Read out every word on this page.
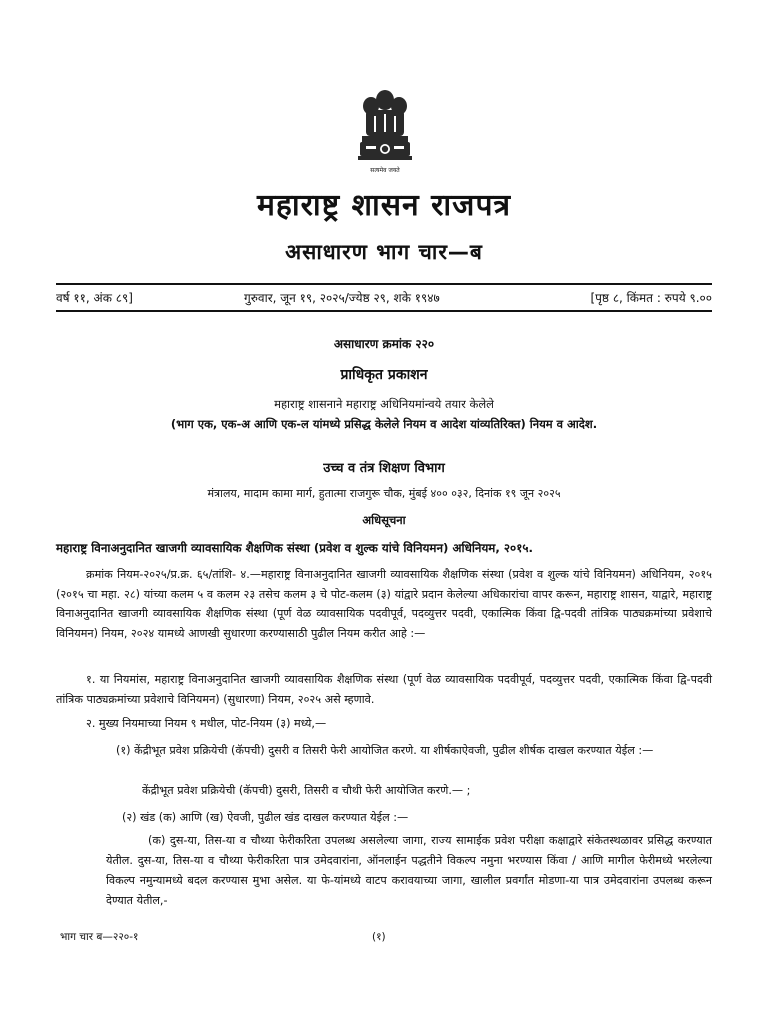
सत्यमेव जयते
महाराष्ट्र शासन राजपत्र
असाधारण भाग चार—ब
वर्ष ११, अंक ८९]	गुरुवार, जून १९, २०२५/ज्येष्ठ २९, शके १९४७	[पृष्ठ ८, किंमत : रुपये ९.००
असाधारण क्रमांक २२०
प्राधिकृत प्रकाशन
महाराष्ट्र शासनाने महाराष्ट्र अधिनियमांन्वये तयार केलेले
(भाग एक, एक-अ आणि एक-ल यांमध्ये प्रसिद्ध केलेले नियम व आदेश यांव्यतिरिक्त) नियम व आदेश.
उच्च व तंत्र शिक्षण विभाग
मंत्रालय, मादाम कामा मार्ग, हुतात्मा राजगुरू चौक, मुंबई ४०० ०३२, दिनांक १९ जून २०२५
अधिसूचना
महाराष्ट्र विनाअनुदानित खाजगी व्यावसायिक शैक्षणिक संस्था (प्रवेश व शुल्क यांचे विनियमन) अधिनियम, २०१५.
क्रमांक नियम-२०२५/प्र.क्र. ६५/तांशि- ४.—महाराष्ट्र विनाअनुदानित खाजगी व्यावसायिक शैक्षणिक संस्था (प्रवेश व शुल्क यांचे विनियमन) अधिनियम, २०१५ (२०१५ चा महा. २८) यांच्या कलम ५ व कलम २३ तसेच कलम ३ चे पोट-कलम (३) यांद्वारे प्रदान केलेल्या अधिकारांचा वापर करून, महाराष्ट्र शासन, याद्वारे, महाराष्ट्र विनाअनुदानित खाजगी व्यावसायिक शैक्षणिक संस्था (पूर्ण वेळ व्यावसायिक पदवीपूर्व, पदव्युत्तर पदवी, एकात्मिक किंवा द्वि-पदवी तांत्रिक पाठ्यक्रमांच्या प्रवेशाचे विनियमन) नियम, २०२४ यामध्ये आणखी सुधारणा करण्यासाठी पुढील नियम करीत आहे :—
१. या नियमांस, महाराष्ट्र विनाअनुदानित खाजगी व्यावसायिक शैक्षणिक संस्था (पूर्ण वेळ व्यावसायिक पदवीपूर्व, पदव्युत्तर पदवी, एकात्मिक किंवा द्वि-पदवी तांत्रिक पाठ्यक्रमांच्या प्रवेशाचे विनियमन) (सुधारणा) नियम, २०२५ असे म्हणावे.
२. मुख्य नियमाच्या नियम ९ मधील, पोट-नियम (३) मध्ये,—
(१) केंद्रीभूत प्रवेश प्रक्रियेची (कॅपची) दुसरी व तिसरी फेरी आयोजित करणे. या शीर्षकाऐवजी, पुढील शीर्षक दाखल करण्यात येईल :—
केंद्रीभूत प्रवेश प्रक्रियेची (कॅपची) दुसरी, तिसरी व चौथी फेरी आयोजित करणे.— ;
(२) खंड (क) आणि (ख) ऐवजी, पुढील खंड दाखल करण्यात येईल :—
(क) दुस-या, तिस-या व चौथ्या फेरीकरिता उपलब्ध असलेल्या जागा, राज्य सामाईक प्रवेश परीक्षा कक्षाद्वारे संकेतस्थळावर प्रसिद्ध करण्यात येतील. दुस-या, तिस-या व चौथ्या फेरीकरिता पात्र उमेदवारांना, ऑनलाईन पद्धतीने विकल्प नमुना भरण्यास किंवा / आणि मागील फेरीमध्ये भरलेल्या विकल्प नमुन्यामध्ये बदल करण्यास मुभा असेल. या फे-यांमध्ये वाटप करावयाच्या जागा, खालील प्रवर्गांत मोडणा-या पात्र उमेदवारांना उपलब्ध करून देण्यात येतील,-
भाग चार ब—२२०-१	(१)
